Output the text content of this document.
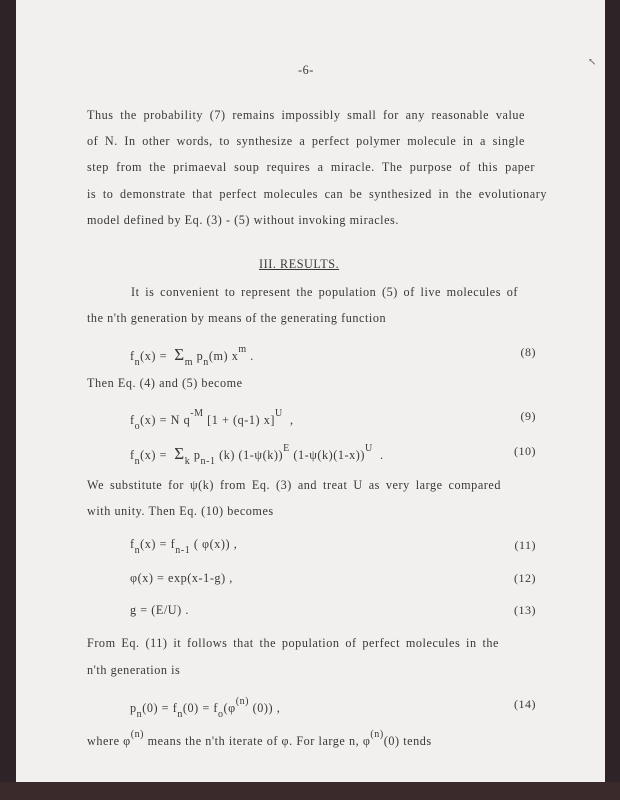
↖
-6-
Thus the probability (7) remains impossibly small for any reasonable value
of N. In other words, to synthesize a perfect polymer molecule in a single
step from the primaeval soup requires a miracle. The purpose of this paper
is to demonstrate that perfect molecules can be synthesized in the evolutionary
model defined by Eq. (3) - (5) without invoking miracles.
III. RESULTS.
It is convenient to represent the population (5) of live molecules of
the n'th generation by means of the generating function
$f_n(x) = \Sigma_m$ $p_n(m)$ $x^m$ .	(8)
Then Eq. (4) and (5) become
$f_o(x) = N$ $q^{-M}$ [1 + (q-1) x]$^U$  ,	(9)
$f_n(x) = \Sigma_k$ $p_{n-1}$ (k) $(1-\psi(k))^E$ $(1-\psi(k)(1-x))^U$  .	(10)
We substitute for ψ(k) from Eq. (3) and treat U as very large compared
with unity. Then Eq. (10) becomes
$f_n(x) = f_{n-1}$ ( φ(x)) ,	(11)
φ(x) = exp(x-1-g) ,	(12)
g = (E/U) .	(13)
From Eq. (11) it follows that the population of perfect molecules in the
n'th generation is
$p_n(0) = f_n(0) = f_o(\varphi^{(n)}$ (0)) ,	(14)
where $\varphi^{(n)}$ means the n'th iterate of φ. For large n, $\varphi^{(n)}(0)$ tends
